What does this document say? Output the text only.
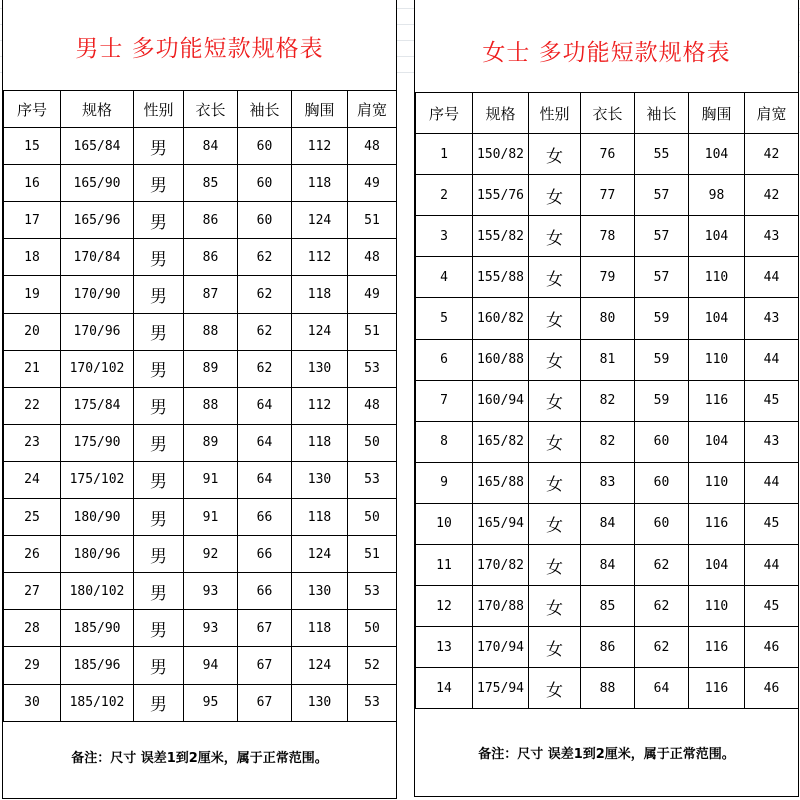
男士 多功能短款规格表
序号	规格	性别	衣长	袖长	胸围	肩宽
15	165/84	男	84	60	112	48
16	165/90	男	85	60	118	49
17	165/96	男	86	60	124	51
18	170/84	男	86	62	112	48
19	170/90	男	87	62	118	49
20	170/96	男	88	62	124	51
21	170/102	男	89	62	130	53
22	175/84	男	88	64	112	48
23	175/90	男	89	64	118	50
24	175/102	男	91	64	130	53
25	180/90	男	91	66	118	50
26	180/96	男	92	66	124	51
27	180/102	男	93	66	130	53
28	185/90	男	93	67	118	50
29	185/96	男	94	67	124	52
30	185/102	男	95	67	130	53
备注：尺寸 误差1到2厘米，属于正常范围。
女士 多功能短款规格表
序号	规格	性别	衣长	袖长	胸围	肩宽
1	150/82	女	76	55	104	42
2	155/76	女	77	57	98	42
3	155/82	女	78	57	104	43
4	155/88	女	79	57	110	44
5	160/82	女	80	59	104	43
6	160/88	女	81	59	110	44
7	160/94	女	82	59	116	45
8	165/82	女	82	60	104	43
9	165/88	女	83	60	110	44
10	165/94	女	84	60	116	45
11	170/82	女	84	62	104	44
12	170/88	女	85	62	110	45
13	170/94	女	86	62	116	46
14	175/94	女	88	64	116	46
备注：尺寸 误差1到2厘米，属于正常范围。
